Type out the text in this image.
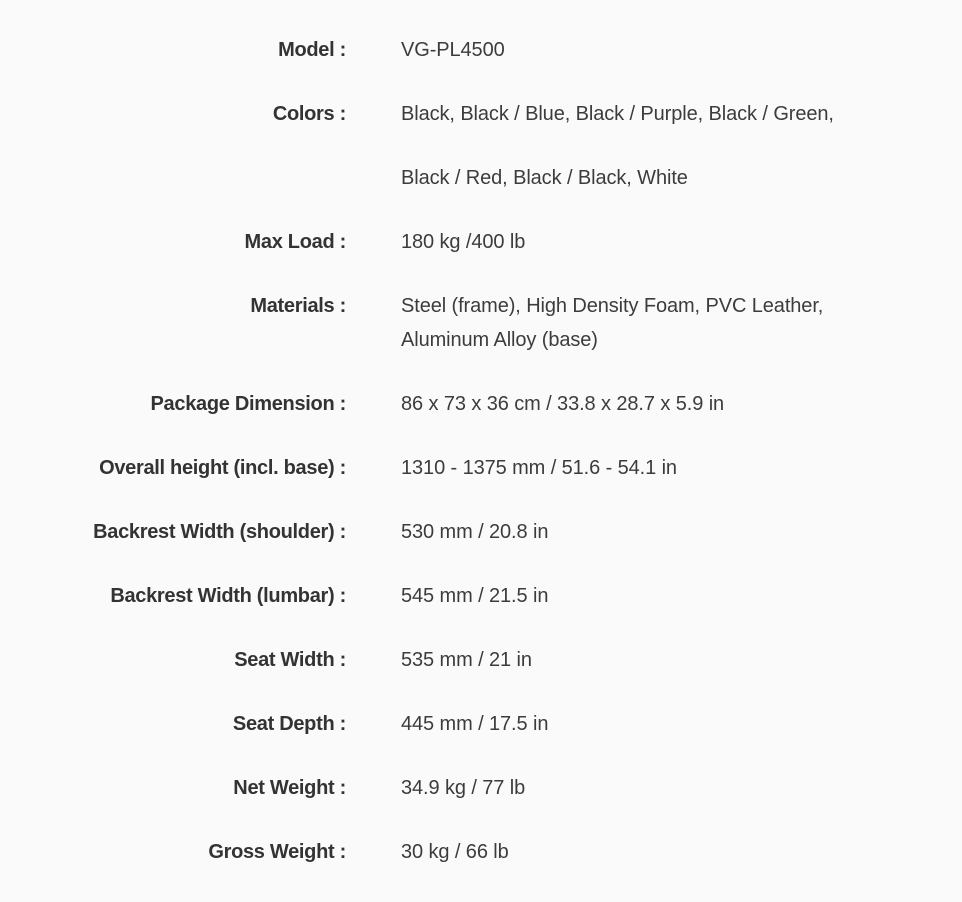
Model :	VG-PL4500
Colors :	Black, Black / Blue, Black / Purple, Black / Green,
Black / Red, Black / Black, White
Max Load :	180 kg /400 lb
Materials :	Steel (frame), High Density Foam, PVC Leather,
Aluminum Alloy (base)
Package Dimension :	86 x 73 x 36 cm / 33.8 x 28.7 x 5.9 in
Overall height (incl. base) :	1310 - 1375 mm / 51.6 - 54.1 in
Backrest Width (shoulder) :	530 mm / 20.8 in
Backrest Width (lumbar) :	545 mm / 21.5 in
Seat Width :	535 mm / 21 in
Seat Depth :	445 mm / 17.5 in
Net Weight :	34.9 kg / 77 lb
Gross Weight :	30 kg / 66 lb
